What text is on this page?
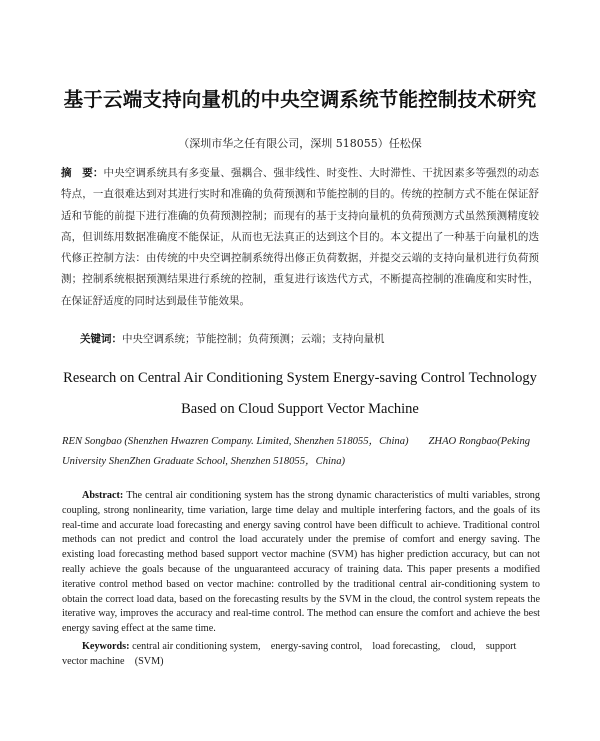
基于云端支持向量机的中央空调系统节能控制技术研究
（深圳市华之任有限公司，深圳 518055）任松保
摘　要：中央空调系统具有多变量、强耦合、强非线性、时变性、大时滞性、干扰因素多等强烈的动态特点，一直很难达到对其进行实时和准确的负荷预测和节能控制的目的。传统的控制方式不能在保证舒适和节能的前提下进行准确的负荷预测控制；而现有的基于支持向量机的负荷预测方式虽然预测精度较高，但训练用数据准确度不能保证，从而也无法真正的达到这个目的。本文提出了一种基于向量机的迭代修正控制方法：由传统的中央空调控制系统得出修正负荷数据，并提交云端的支持向量机进行负荷预测；控制系统根据预测结果进行系统的控制，重复进行该迭代方式，不断提高控制的准确度和实时性，在保证舒适度的同时达到最佳节能效果。
关键词：中央空调系统；节能控制；负荷预测；云端；支持向量机
Research on Central Air Conditioning System Energy-saving Control Technology
Based on Cloud Support Vector Machine
REN Songbao (Shenzhen Hwazren Company. Limited, Shenzhen 518055，China) ZHAO Rongbao(Peking
University ShenZhen Graduate School, Shenzhen 518055，China)
Abstract: The central air conditioning system has the strong dynamic characteristics of multi variables, strong coupling, strong nonlinearity, time variation, large time delay and multiple interfering factors, and the goals of its real-time and accurate load forecasting and energy saving control have been difficult to achieve. Traditional control methods can not predict and control the load accurately under the premise of comfort and energy saving. The existing load forecasting method based support vector machine (SVM) has higher prediction accuracy, but can not really achieve the goals because of the unguaranteed accuracy of training data. This paper presents a modified iterative control method based on vector machine: controlled by the traditional central air-conditioning system to obtain the correct load data, based on the forecasting results by the SVM in the cloud, the control system repeats the iterative way, improves the accuracy and real-time control. The method can ensure the comfort and achieve the best energy saving effect at the same time.
Keywords: central air conditioning system,　energy-saving control,　load forecasting,　cloud,　support vector machine　(SVM)
